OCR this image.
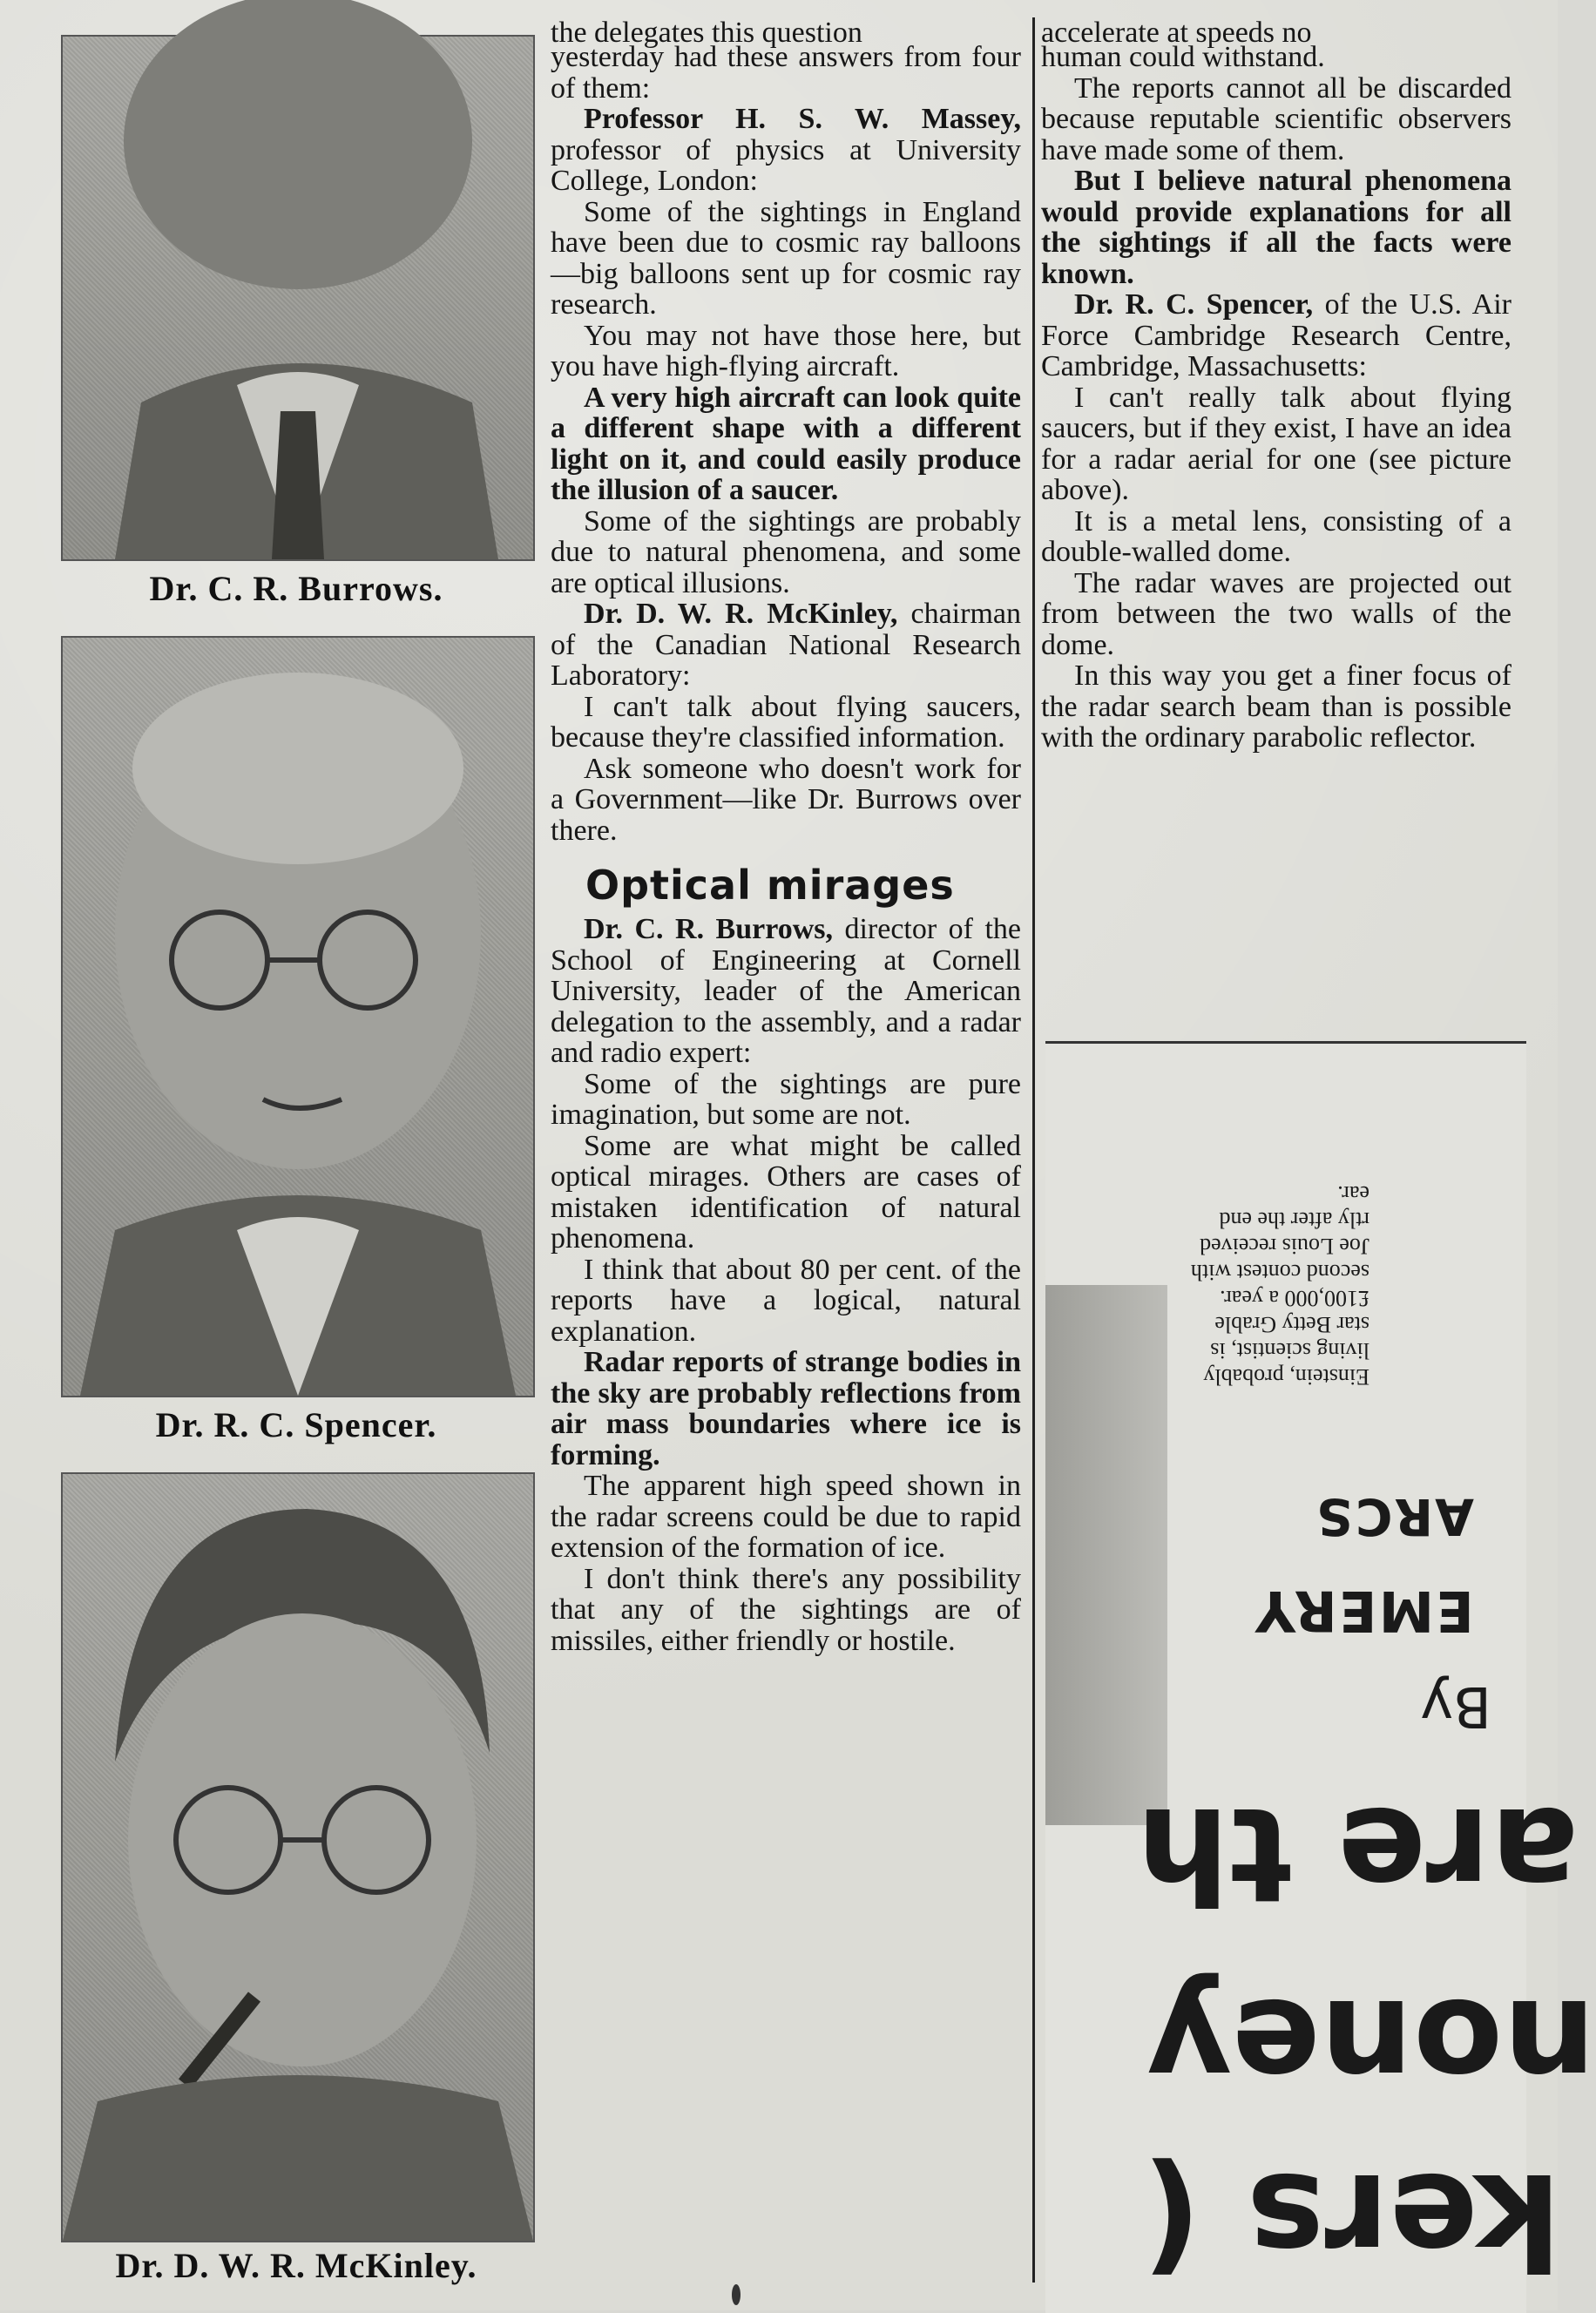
Dr. C. R. Burrows.
Dr. R. C. Spencer.
Dr. D. W. R. McKinley.

the delegates this question

yesterday had these answers from four of them:

Professor H. S. W. Massey, professor of physics at University College, London:

Some of the sightings in England have been due to cosmic ray balloons—big balloons sent up for cosmic ray research.

You may not have those here, but you have high-flying aircraft.

A very high aircraft can look quite a different shape with a different light on it, and could easily produce the illusion of a saucer.

Some of the sightings are probably due to natural phenomena, and some are optical illusions.

Dr. D. W. R. McKinley, chairman of the Canadian National Research Laboratory:

I can't talk about flying saucers, because they're classified information.

Ask someone who doesn't work for a Government—like Dr. Burrows over there.

Optical mirages

Dr. C. R. Burrows, director of the School of Engineering at Cornell University, leader of the American delegation to the assembly, and a radar and radio expert:

Some of the sightings are pure imagination, but some are not.

Some are what might be called optical mirages. Others are cases of mistaken identification of natural phenomena.

I think that about 80 per cent. of the reports have a logical, natural explanation.

Radar reports of strange bodies in the sky are probably reflections from air mass boundaries where ice is forming.

The apparent high speed shown in the radar screens could be due to rapid extension of the formation of ice.

I don't think there's any possibility that any of the sightings are of missiles, either friendly or hostile.

accelerate at speeds no

human could withstand.

The reports cannot all be discarded because reputable scientific observers have made some of them.

But I believe natural phenomena would provide explanations for all the sightings if all the facts were known.

Dr. R. C. Spencer, of the U.S. Air Force Cambridge Research Centre, Cambridge, Massachusetts:

I can't really talk about flying saucers, but if they exist, I have an idea for a radar aerial for one (see picture above).

It is a metal lens, consisting of a double-walled dome.

The radar waves are projected out from between the two walls of the dome.

In this way you get a finer focus of the radar search beam than is possible with the ordinary parabolic reflector.

kers (
noney
are th
By
EMERY
ARCS
Einstein, probably
living scientist, is
star Betty Grable
£100,000 a year.
second contest with
Joe Louis received
rtly after the end
ear.
